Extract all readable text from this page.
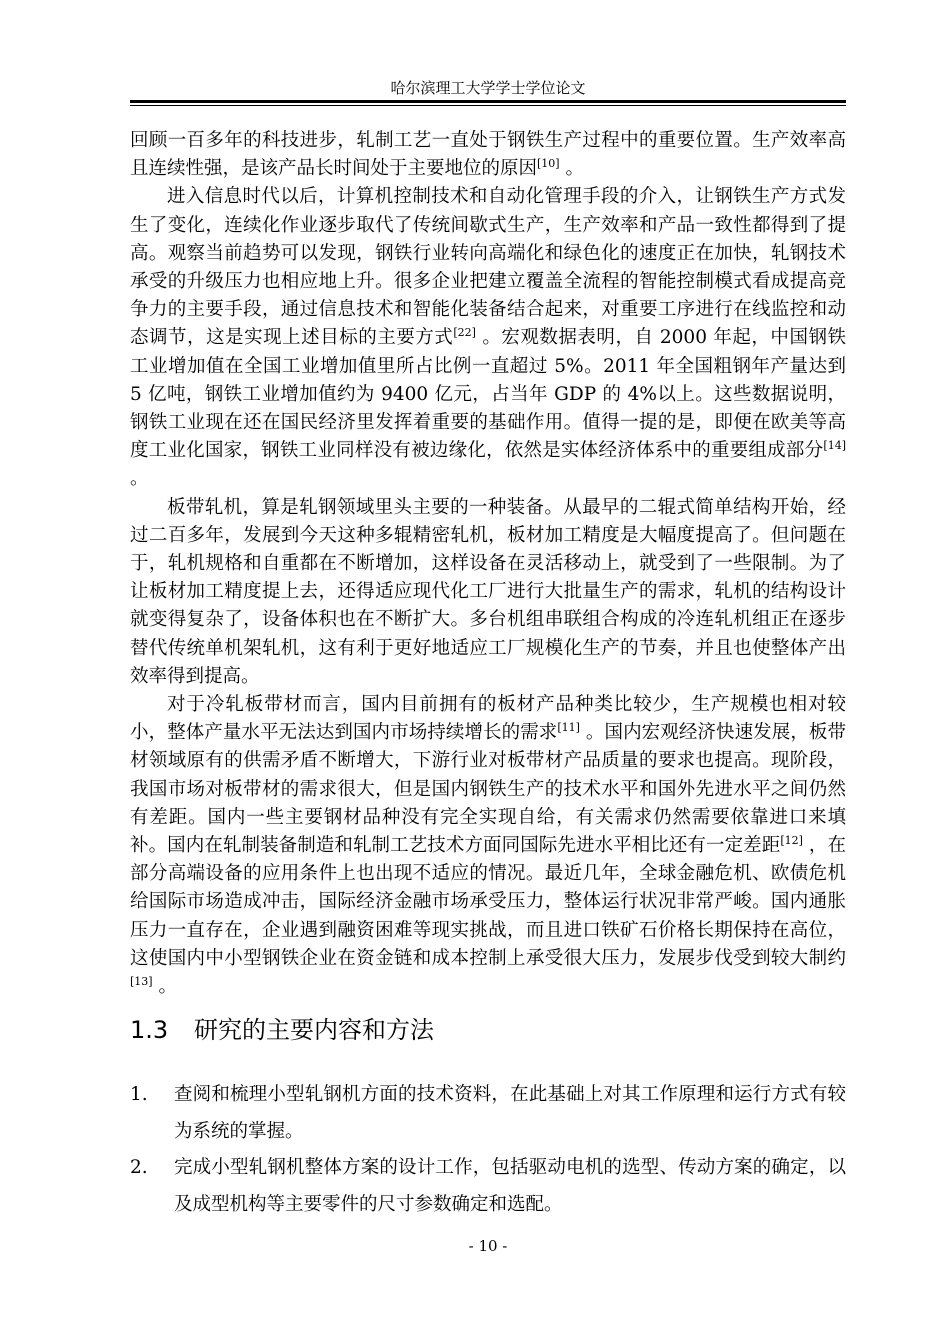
哈尔滨理工大学学士学位论文

回顾一百多年的科技进步，轧制工艺一直处于钢铁生产过程中的重要位置。生产效率高且连续性强，是该产品长时间处于主要地位的原因[10] 。

进入信息时代以后，计算机控制技术和自动化管理手段的介入，让钢铁生产方式发生了变化，连续化作业逐步取代了传统间歇式生产，生产效率和产品一致性都得到了提高。观察当前趋势可以发现，钢铁行业转向高端化和绿色化的速度正在加快，轧钢技术承受的升级压力也相应地上升。很多企业把建立覆盖全流程的智能控制模式看成提高竞争力的主要手段，通过信息技术和智能化装备结合起来，对重要工序进行在线监控和动态调节，这是实现上述目标的主要方式[22] 。宏观数据表明，自 2000 年起，中国钢铁工业增加值在全国工业增加值里所占比例一直超过 5%。2011 年全国粗钢年产量达到 5 亿吨，钢铁工业增加值约为 9400 亿元，占当年 GDP 的 4%以上。这些数据说明，钢铁工业现在还在国民经济里发挥着重要的基础作用。值得一提的是，即便在欧美等高度工业化国家，钢铁工业同样没有被边缘化，依然是实体经济体系中的重要组成部分[14] 。

板带轧机，算是轧钢领域里头主要的一种装备。从最早的二辊式简单结构开始，经过二百多年，发展到今天这种多辊精密轧机，板材加工精度是大幅度提高了。但问题在于，轧机规格和自重都在不断增加，这样设备在灵活移动上，就受到了一些限制。为了让板材加工精度提上去，还得适应现代化工厂进行大批量生产的需求，轧机的结构设计就变得复杂了，设备体积也在不断扩大。多台机组串联组合构成的冷连轧机组正在逐步替代传统单机架轧机，这有利于更好地适应工厂规模化生产的节奏，并且也使整体产出效率得到提高。

对于冷轧板带材而言，国内目前拥有的板材产品种类比较少，生产规模也相对较小，整体产量水平无法达到国内市场持续增长的需求[11] 。国内宏观经济快速发展，板带材领域原有的供需矛盾不断增大，下游行业对板带材产品质量的要求也提高。现阶段，我国市场对板带材的需求很大，但是国内钢铁生产的技术水平和国外先进水平之间仍然有差距。国内一些主要钢材品种没有完全实现自给，有关需求仍然需要依靠进口来填补。国内在轧制装备制造和轧制工艺技术方面同国际先进水平相比还有一定差距[12] ，在部分高端设备的应用条件上也出现不适应的情况。最近几年，全球金融危机、欧债危机给国际市场造成冲击，国际经济金融市场承受压力，整体运行状况非常严峻。国内通胀压力一直存在，企业遇到融资困难等现实挑战，而且进口铁矿石价格长期保持在高位，这使国内中小型钢铁企业在资金链和成本控制上承受很大压力，发展步伐受到较大制约[13] 。

1.3 研究的主要内容和方法
1. 查阅和梳理小型轧钢机方面的技术资料，在此基础上对其工作原理和运行方式有较为系统的掌握。
2. 完成小型轧钢机整体方案的设计工作，包括驱动电机的选型、传动方案的确定，以及成型机构等主要零件的尺寸参数确定和选配。
- 10 -
